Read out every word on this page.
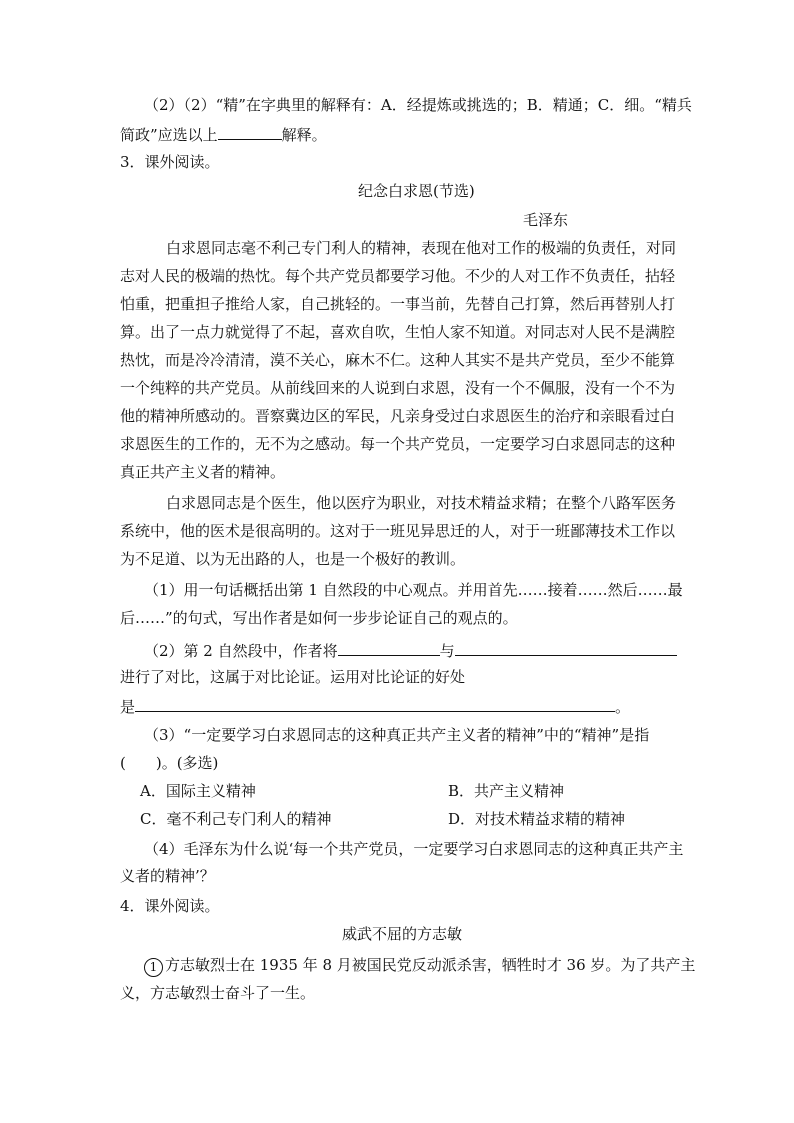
（2）（2）“精”在字典里的解释有：A．经提炼或挑选的；B．精通；C．细。“精兵
简政”应选以上	解释。
3．课外阅读。
纪念白求恩(节选)
毛泽东
白求恩同志毫不利己专门利人的精神，表现在他对工作的极端的负责任，对同
志对人民的极端的热忱。每个共产党员都要学习他。不少的人对工作不负责任，拈轻
怕重，把重担子推给人家，自己挑轻的。一事当前，先替自己打算，然后再替别人打
算。出了一点力就觉得了不起，喜欢自吹，生怕人家不知道。对同志对人民不是满腔
热忱，而是冷冷清清，漠不关心，麻木不仁。这种人其实不是共产党员，至少不能算
一个纯粹的共产党员。从前线回来的人说到白求恩，没有一个不佩服，没有一个不为
他的精神所感动的。晋察冀边区的军民，凡亲身受过白求恩医生的治疗和亲眼看过白
求恩医生的工作的，无不为之感动。每一个共产党员，一定要学习白求恩同志的这种
真正共产主义者的精神。
白求恩同志是个医生，他以医疗为职业，对技术精益求精；在整个八路军医务
系统中，他的医术是很高明的。这对于一班见异思迁的人，对于一班鄙薄技术工作以
为不足道、以为无出路的人，也是一个极好的教训。
（1）用一句话概括出第 1 自然段的中心观点。并用首先……接着……然后……最
后……”的句式，写出作者是如何一步步论证自己的观点的。
（2）第 2 自然段中，作者将	与
进行了对比，这属于对比论证。运用对比论证的好处
是	。
（3）“一定要学习白求恩同志的这种真正共产主义者的精神”中的“精神”是指
(　　)。(多选)
A．国际主义精神	B．共产主义精神
C．毫不利己专门利人的精神	D．对技术精益求精的精神
（4）毛泽东为什么说‘每一个共产党员，一定要学习白求恩同志的这种真正共产主
义者的精神’？
4．课外阅读。
威武不屈的方志敏
1 方志敏烈士在 1935 年 8 月被国民党反动派杀害，牺牲时才 36 岁。为了共产主
义，方志敏烈士奋斗了一生。
